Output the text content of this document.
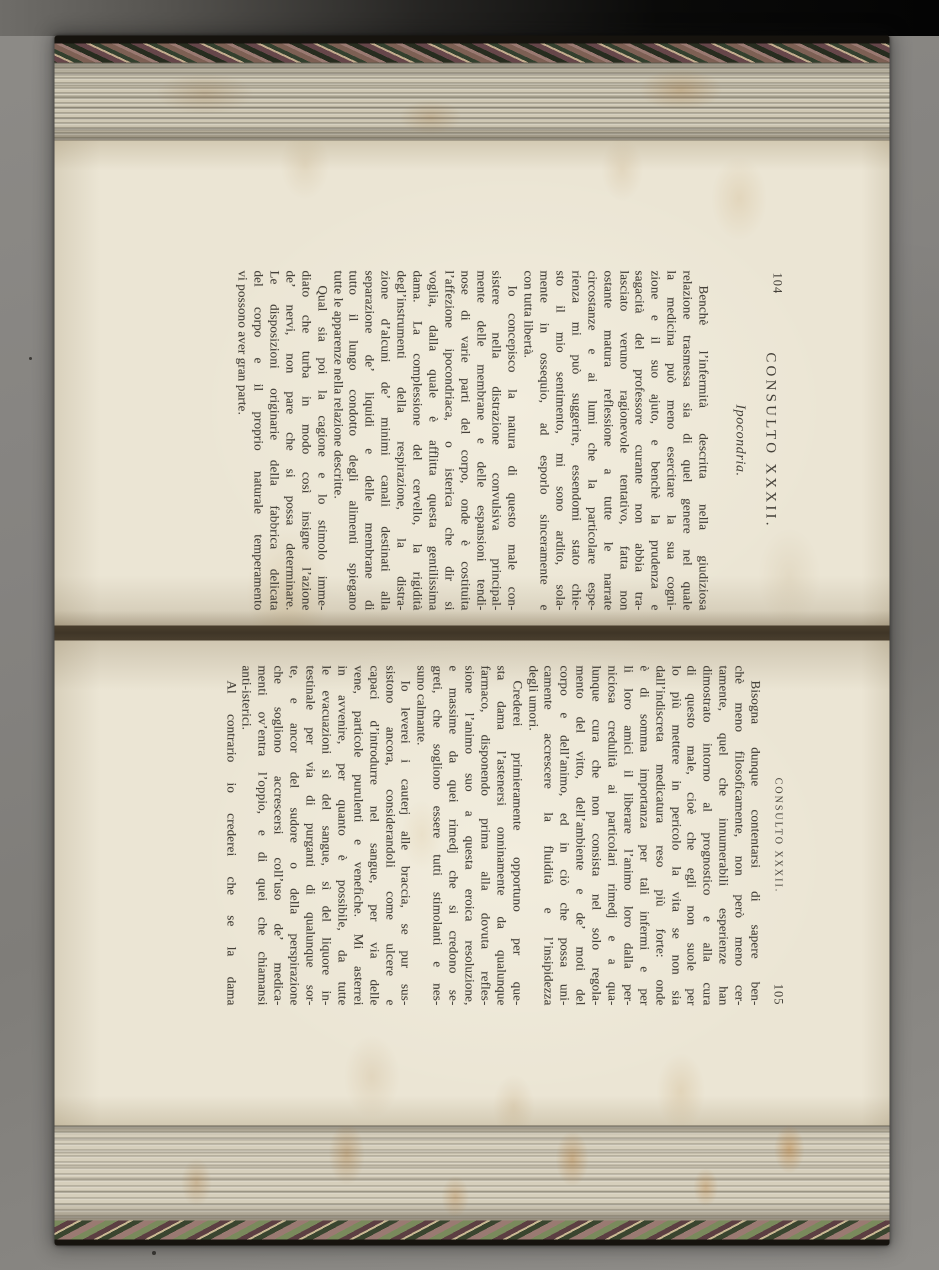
104
CONSULTO XXXII.
Ipocondria.
Benchè l’infermità descritta nella giudiziosa
relazione trasmessa sia di quel genere nel quale
la medicina può meno esercitare la sua cogni-
zione e il suo ajuto, e benchè la prudenza e
sagacità del professore curante non abbia tra-
lasciato veruno ragionevole tentativo, fatta non
ostante matura reflessione a tutte le narrate
circostanze e ai lumi che la particolare espe-
rienza mi può suggerire, essendomi stato chie-
sto il mio sentimento, mi sono ardito, sola-
mente in ossequio, ad esporlo sinceramente e
con tutta libertà.
Io concepisco la natura di questo male con-
sistere nella distrazione convulsiva principal-
mente delle membrane e delle espansioni tendi-
nose di varie parti del corpo, onde è costituita
l’affezione ipocondriaca, o isterica che dir si
voglia, dalla quale è afflitta questa gentilissima
dama. La complessione del cervello, la rigidità
degl’instrumenti della respirazione, la distra-
zione d’alcuni de’ minimi canali destinati alla
separazione de’ liquidi e delle membrane di
tutto il lungo condotto degli alimenti spiegano
tutte le apparenze nella relazione descritte.
Qual sia poi la cagione e lo stimolo imme-
diato che turba in modo così insigne l’azione
de’ nervi, non pare che si possa determinare.
Le disposizioni originarie della fabbrica delicata
del corpo e il proprio naturale temperamento
vi possono aver gran parte.
CONSULTO XXXII.
105
Bisogna dunque contentarsi di sapere ben-
chè meno filosoficamente, non però meno cer-
tamente, quel che innumerabili esperienze han
dimostrato intorno al prognostico e alla cura
di questo male, cioè che egli non suole per
lo più mettere in pericolo la vita se non sia
dall’indiscreta medicatura reso più forte: onde
è di somma importanza per tali infermi e per
li loro amici il liberare l’animo loro dalla per-
niciosa credulità ai particolari rimedj e a qua-
lunque cura che non consista nel solo regola-
mento del vitto, dell’ambiente e de’ moti del
corpo e dell’animo, ed in ciò che possa uni-
camente accrescere la fluidità e l’insipidezza
degli umori.
Crederei primieramente opportuno per que-
sta dama l’astenersi onninamente da qualunque
farmaco, disponendo prima alla dovuta refles-
sione l’animo suo a questa eroica resoluzione,
e massime da quei rimedj che si credono se-
greti, che sogliono essere tutti stimolanti e nes-
suno calmante.
Io leverei i cauterj alle braccia, se pur sus-
sistono ancora, considerandoli come ulcere e
capaci d’introdurre nel sangue, per via delle
vene, particole purulenti e venefiche. Mi asterrei
in avvenire, per quanto è possibile, da tutte
le evacuazioni sì del sangue, sì del liquore in-
testinale per via di purganti di qualunque sor-
te, e ancor del sudore o della perspirazione
che sogliono accrescersi coll’uso de’ medica-
menti ov’entra l’oppio, e di quei che chiamansi
anti-isterici.
Al contrario io crederei che se la dama
